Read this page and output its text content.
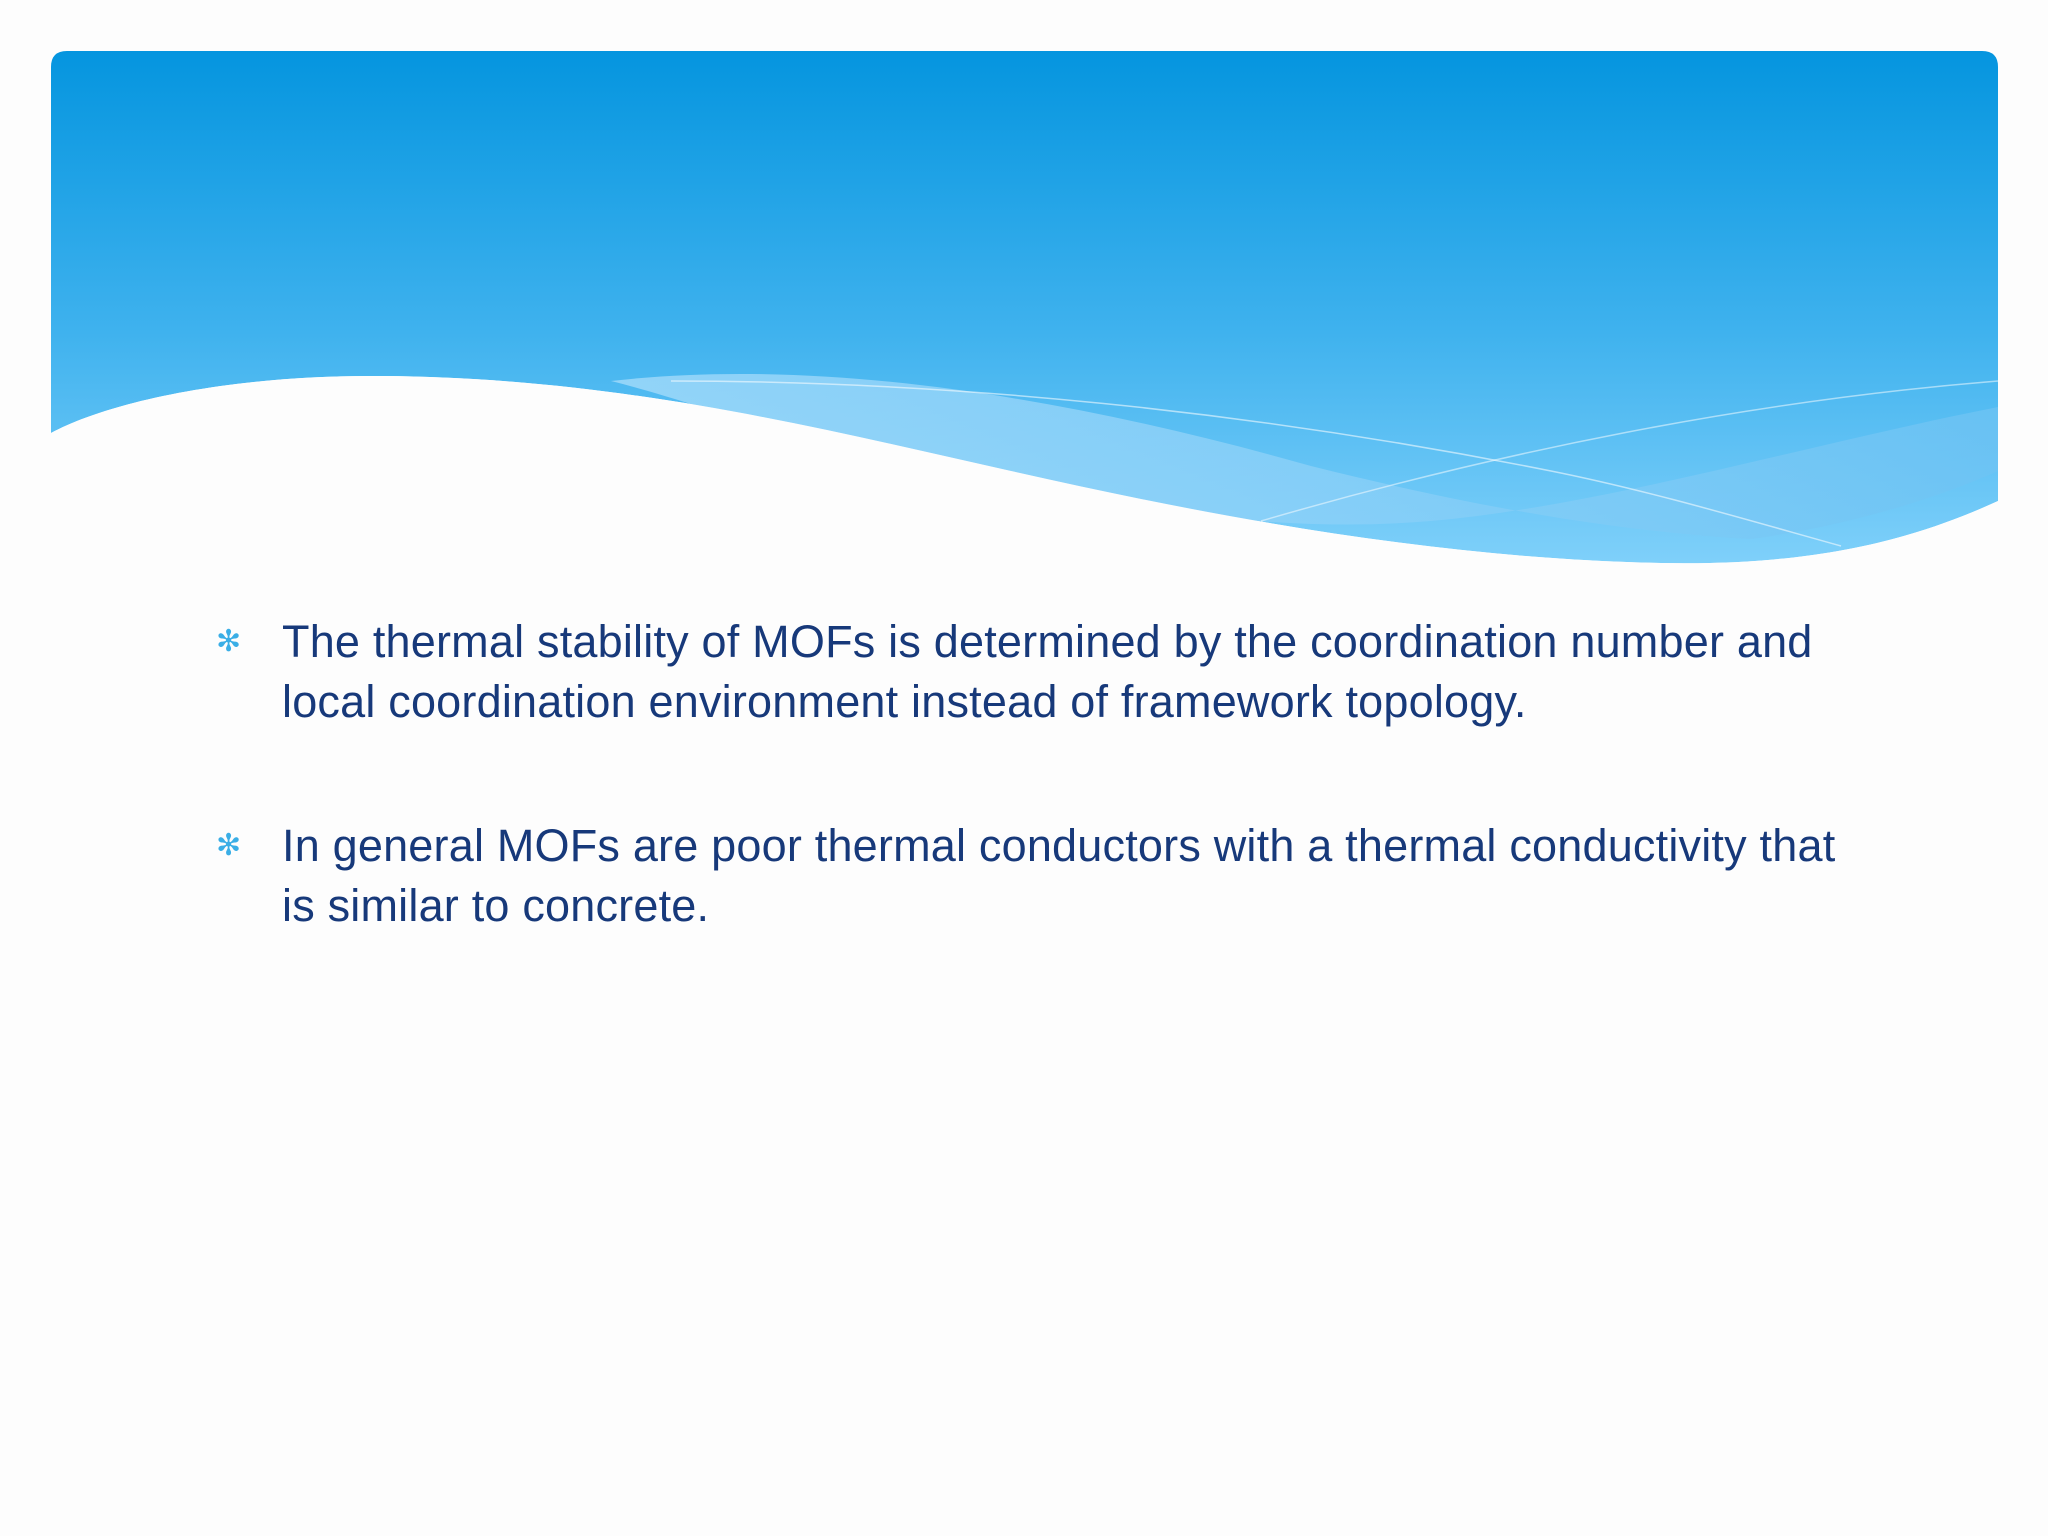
✻ The thermal stability of MOFs is determined by the coordination number and local coordination environment instead of framework topology.
✻ In general MOFs are poor thermal conductors with a thermal conductivity that is similar to concrete.
